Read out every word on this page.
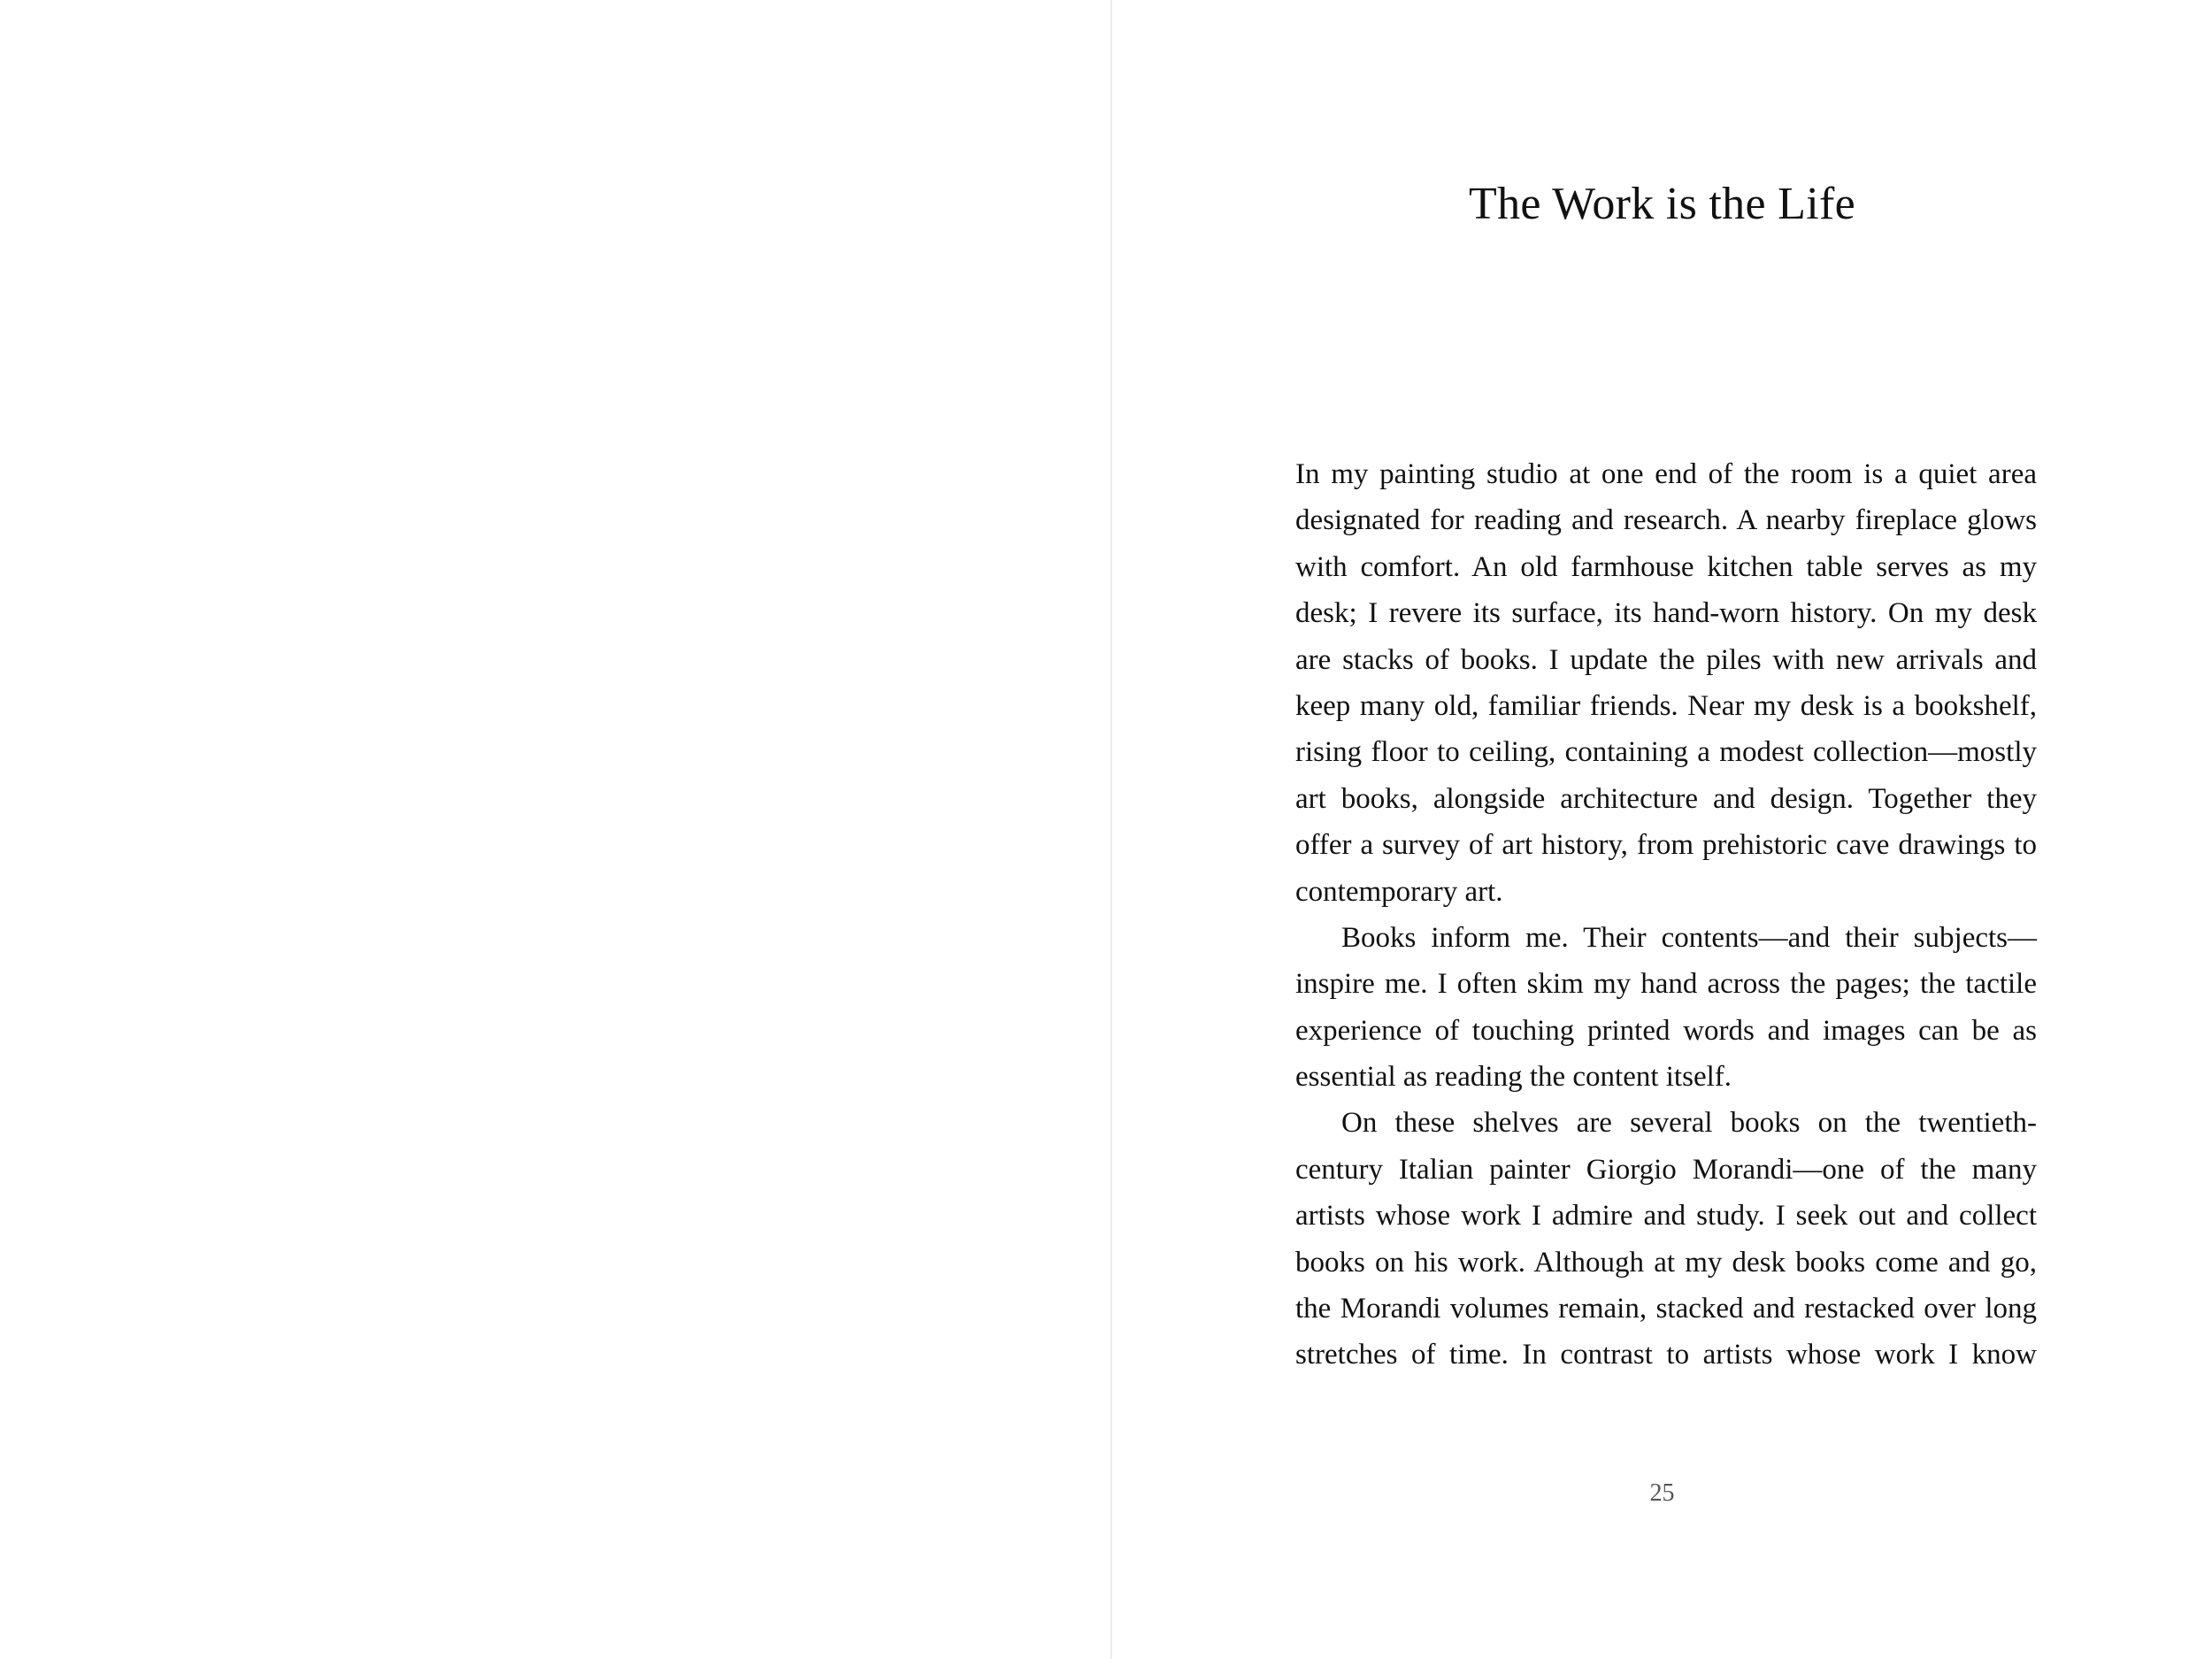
The Work is the Life
In my painting studio at one end of the room is a quiet area
designated for reading and research. A nearby fireplace glows
with comfort. An old farmhouse kitchen table serves as my
desk; I revere its surface, its hand-worn history. On my desk
are stacks of books. I update the piles with new arrivals and
keep many old, familiar friends. Near my desk is a bookshelf,
rising floor to ceiling, containing a modest collection—mostly
art books, alongside architecture and design. Together they
offer a survey of art history, from prehistoric cave drawings to
contemporary art.
Books inform me. Their contents—and their subjects—
inspire me. I often skim my hand across the pages; the tactile
experience of touching printed words and images can be as
essential as reading the content itself.
On these shelves are several books on the twentieth-
century Italian painter Giorgio Morandi—one of the many
artists whose work I admire and study. I seek out and collect
books on his work. Although at my desk books come and go,
the Morandi volumes remain, stacked and restacked over long
stretches of time. In contrast to artists whose work I know
25
